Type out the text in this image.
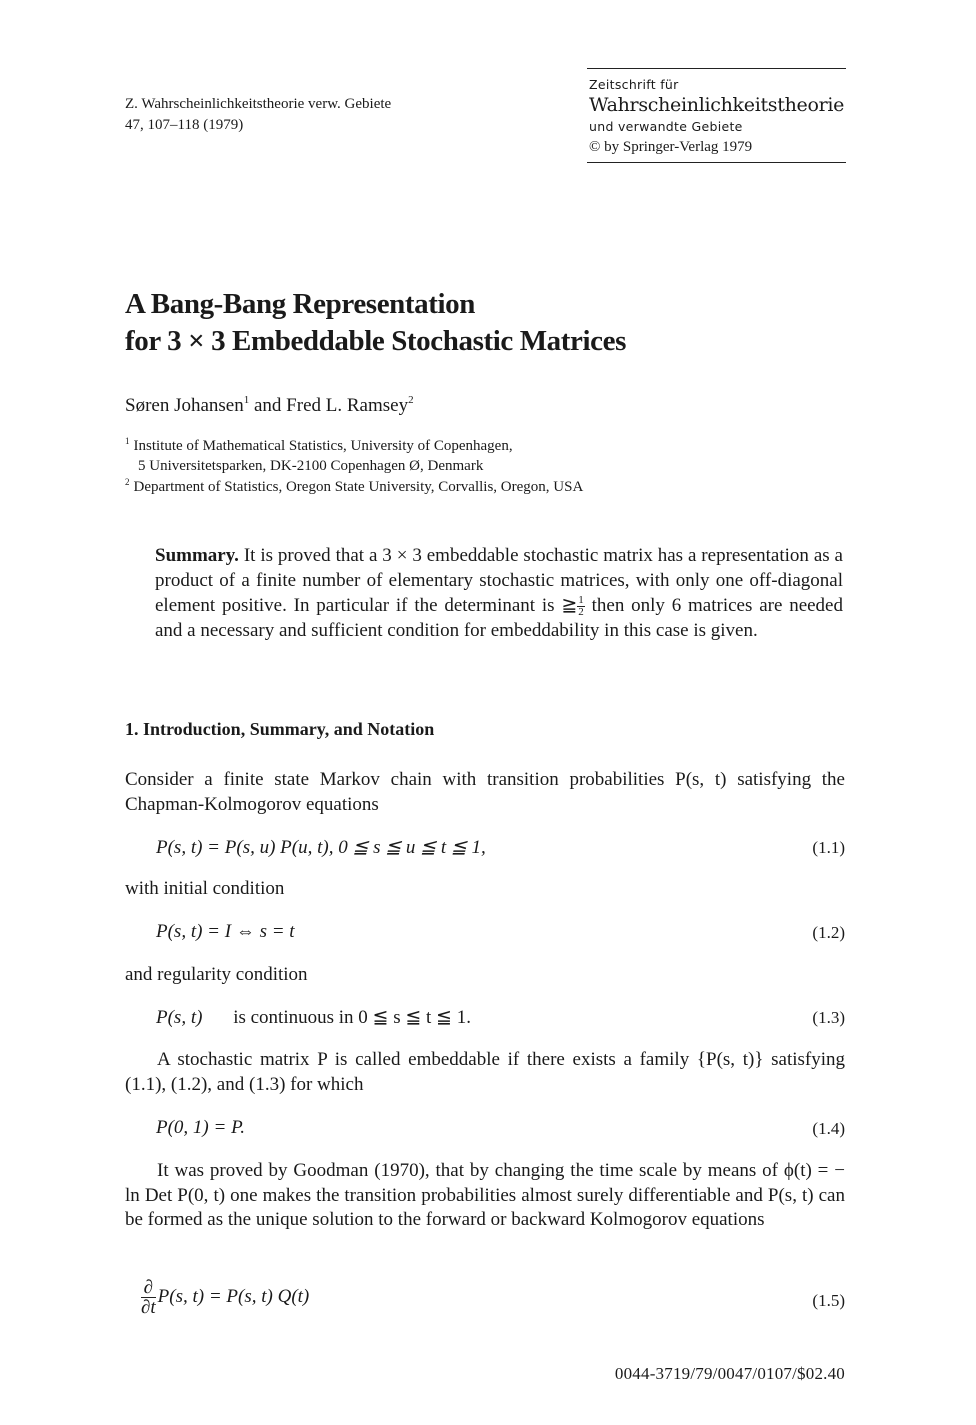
Z. Wahrscheinlichkeitstheorie verw. Gebiete
47, 107–118 (1979)
Zeitschrift für
Wahrscheinlichkeitstheorie
und verwandte Gebiete
© by Springer-Verlag 1979
A Bang-Bang Representation
for 3 × 3 Embeddable Stochastic Matrices
Søren Johansen$^1$ and Fred L. Ramsey$^2$
$^1$ Institute of Mathematical Statistics, University of Copenhagen,
5 Universitetsparken, DK-2100 Copenhagen Ø, Denmark
$^2$ Department of Statistics, Oregon State University, Corvallis, Oregon, USA
Summary. It is proved that a 3 × 3 embeddable stochastic matrix has a representation as a product of a finite number of elementary stochastic matrices, with only one off-diagonal element positive. In particular if the determinant is ≧ $\frac{1}{2}$ then only 6 matrices are needed and a necessary and sufficient condition for embeddability in this case is given.
1. Introduction, Summary, and Notation
Consider a finite state Markov chain with transition probabilities P(s, t) satisfying the Chapman-Kolmogorov equations
P(s, t) = P(s, u) P(u, t), 0 ≦ s ≦ u ≦ t ≦ 1,	(1.1)
with initial condition
P(s, t) = I ⇔ s = t	(1.2)
and regularity condition
P(s, t) is continuous in 0 ≦ s ≦ t ≦ 1.	(1.3)
A stochastic matrix P is called embeddable if there exists a family {P(s, t)} satisfying (1.1), (1.2), and (1.3) for which
P(0, 1) = P.	(1.4)
It was proved by Goodman (1970), that by changing the time scale by means of ϕ(t) = − ln Det P(0, t) one makes the transition probabilities almost surely differentiable and P(s, t) can be formed as the unique solution to the forward or backward Kolmogorov equations
∂
∂tP(s, t) = P(s, t) Q(t)	(1.5)
0044-3719/79/0047/0107/$02.40
